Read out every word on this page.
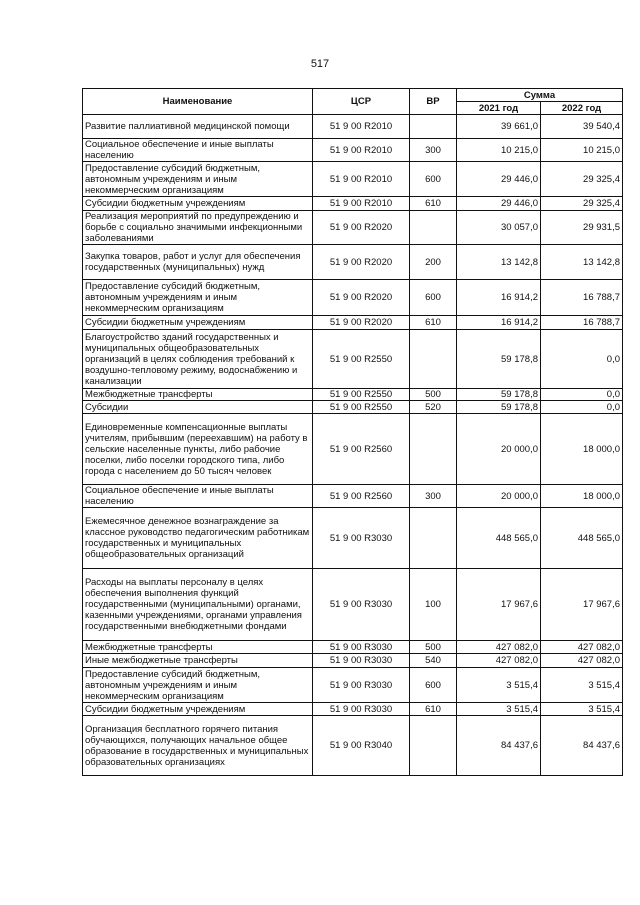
517
Наименование	ЦСР	ВР	Сумма	
			2021 год	2022 год
Развитие паллиативной медицинской помощи	51 9 00 R2010		39 661,0	39 540,4
Социальное обеспечение и иные выплаты населению	51 9 00 R2010	300	10 215,0	10 215,0
Предоставление субсидий бюджетным, автономным учреждениям и иным некоммерческим организациям	51 9 00 R2010	600	29 446,0	29 325,4
Субсидии бюджетным учреждениям	51 9 00 R2010	610	29 446,0	29 325,4
Реализация мероприятий по предупреждению и борьбе с социально значимыми инфекционными заболеваниями	51 9 00 R2020		30 057,0	29 931,5
Закупка товаров, работ и услуг для обеспечения государственных (муниципальных) нужд	51 9 00 R2020	200	13 142,8	13 142,8
Предоставление субсидий бюджетным, автономным учреждениям и иным некоммерческим организациям	51 9 00 R2020	600	16 914,2	16 788,7
Субсидии бюджетным учреждениям	51 9 00 R2020	610	16 914,2	16 788,7
Благоустройство зданий государственных и муниципальных общеобразовательных организаций в целях соблюдения требований к воздушно-тепловому режиму, водоснабжению и канализации	51 9 00 R2550		59 178,8	0,0
Межбюджетные трансферты	51 9 00 R2550	500	59 178,8	0,0
Субсидии	51 9 00 R2550	520	59 178,8	0,0
Единовременные компенсационные выплаты учителям, прибывшим (переехавшим) на работу в сельские населенные пункты, либо рабочие поселки, либо поселки городского типа, либо города с населением до 50 тысяч человек	51 9 00 R2560		20 000,0	18 000,0
Социальное обеспечение и иные выплаты населению	51 9 00 R2560	300	20 000,0	18 000,0
Ежемесячное денежное вознаграждение за классное руководство педагогическим работникам государственных и муниципальных общеобразовательных организаций	51 9 00 R3030		448 565,0	448 565,0
Расходы на выплаты персоналу в целях обеспечения выполнения функций государственными (муниципальными) органами, казенными учреждениями, органами управления государственными внебюджетными фондами	51 9 00 R3030	100	17 967,6	17 967,6
Межбюджетные трансферты	51 9 00 R3030	500	427 082,0	427 082,0
Иные межбюджетные трансферты	51 9 00 R3030	540	427 082,0	427 082,0
Предоставление субсидий бюджетным, автономным учреждениям и иным некоммерческим организациям	51 9 00 R3030	600	3 515,4	3 515,4
Субсидии бюджетным учреждениям	51 9 00 R3030	610	3 515,4	3 515,4
Организация бесплатного горячего питания обучающихся, получающих начальное общее образование в государственных и муниципальных образовательных организациях	51 9 00 R3040		84 437,6	84 437,6
